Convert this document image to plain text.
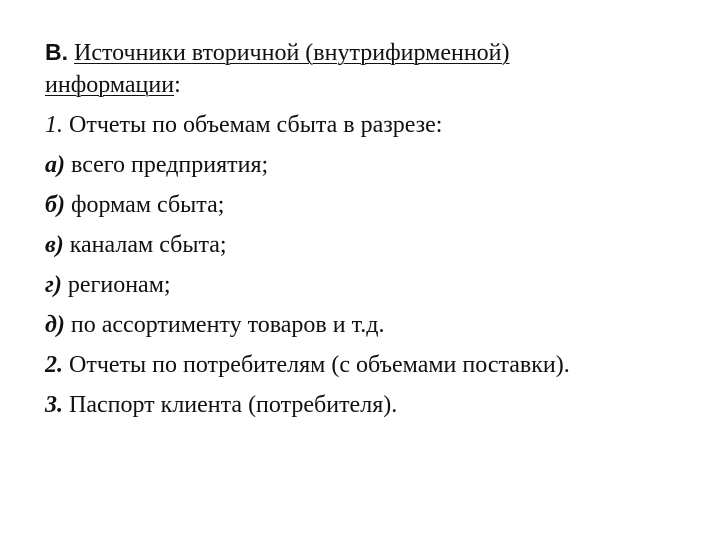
B. Источники вторичной (внутрифирменной)
информации:
1. Отчеты по объемам сбыта в разрезе:
а) всего предприятия;
б) формам сбыта;
в) каналам сбыта;
г) регионам;
д) по ассортименту товаров и т.д.
2. Отчеты по потребителям (с объемами поставки).
3. Паспорт клиента (потребителя).
